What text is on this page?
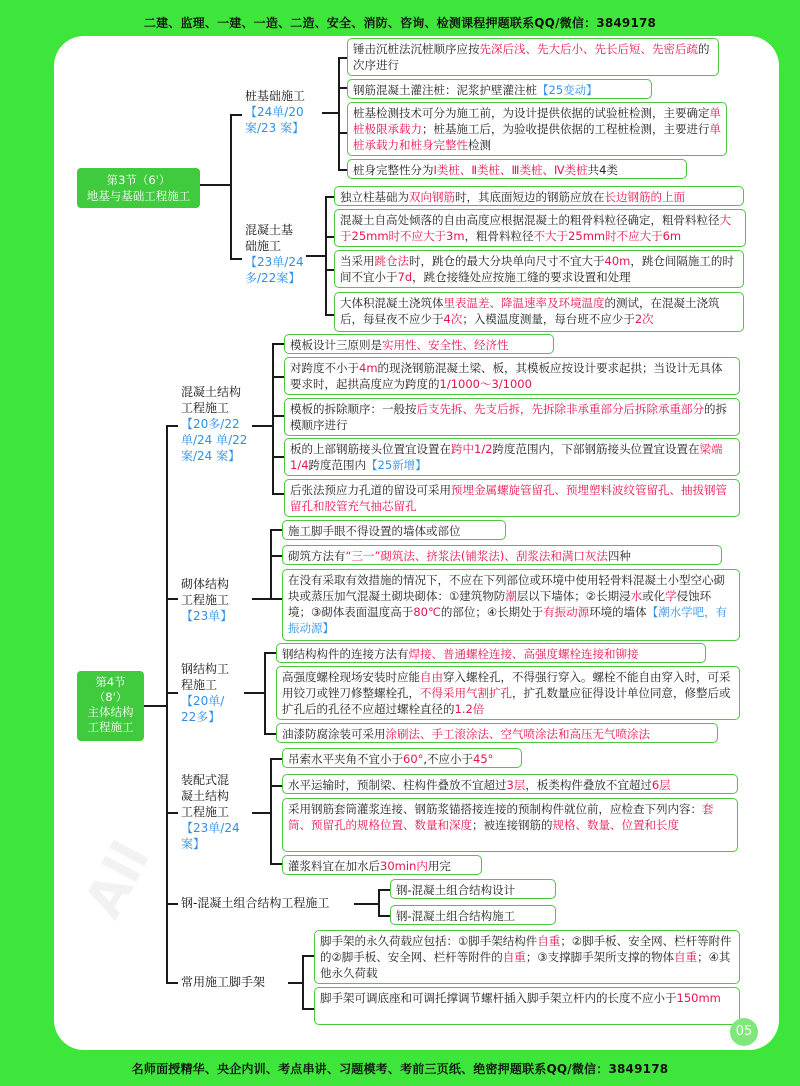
二建、监理、一建、一造、二造、安全、消防、咨询、检测课程押题联系QQ/微信：3849178
名师面授精华、央企内训、考点串讲、习题模考、考前三页纸、绝密押题联系QQ/微信：3849178
第3节（6'）
地基与基础工程施工
第4节
（8'）
主体结构
工程施工
桩基础施工
【24单/20
案/23 案】
混凝土基
础施工
【23单/24
多/22案】
混凝土结构
工程施工
【20多/22
单/24 单/22
案/24 案】
砌体结构
工程施工
【23单】
钢结构工
程施工
【20单/
22多】
装配式混
凝土结构
工程施工
【23单/24
案】
钢-混凝土组合结构工程施工
常用施工脚手架
锤击沉桩法沉桩顺序应按先深后浅、先大后小、先长后短、先密后疏的次序进行
钢筋混凝土灌注桩：泥浆护壁灌注桩【25变动】
桩基检测技术可分为施工前，为设计提供依据的试验桩检测，主要确定单桩极限承载力；桩基施工后，为验收提供依据的工程桩检测，主要进行单桩承载力和桩身完整性检测
桩身完整性分为Ⅰ类桩、Ⅱ类桩、Ⅲ类桩、Ⅳ类桩共4类
独立柱基础为双向钢筋时，其底面短边的钢筋应放在长边钢筋的上面
混凝土自高处倾落的自由高度应根据混凝土的粗骨料粒径确定，粗骨料粒径大于25mm时不应大于3m，粗骨料粒径不大于25mm时不应大于6m
当采用跳仓法时，跳仓的最大分块单向尺寸不宜大于40m，跳仓间隔施工的时间不宜小于7d，跳仓接缝处应按施工缝的要求设置和处理
大体积混凝土浇筑体里表温差、降温速率及环境温度的测试，在混凝土浇筑后，每昼夜不应少于4次；入模温度测量，每台班不应少于2次
模板设计三原则是实用性、安全性、经济性
对跨度不小于4m的现浇钢筋混凝土梁、板，其模板应按设计要求起拱；当设计无具体要求时，起拱高度应为跨度的1/1000～3/1000
模板的拆除顺序：一般按后支先拆、先支后拆，先拆除非承重部分后拆除承重部分的拆模顺序进行
板的上部钢筋接头位置宜设置在跨中1/2跨度范围内，下部钢筋接头位置宜设置在梁端1/4跨度范围内【25新增】
后张法预应力孔道的留设可采用预埋金属螺旋管留孔、预埋塑料波纹管留孔、抽拔钢管留孔和胶管充气抽芯留孔
施工脚手眼不得设置的墙体或部位
砌筑方法有“三一”砌筑法、挤浆法(铺浆法)、刮浆法和满口灰法四种
在没有采取有效措施的情况下，不应在下列部位或环境中使用轻骨料混凝土小型空心砌块或蒸压加气混凝土砌块砌体：①建筑物防潮层以下墙体；②长期浸水或化学侵蚀环境；③砌体表面温度高于80℃的部位；④长期处于有振动源环境的墙体【潮水学吧，有振动源】
钢结构构件的连接方法有焊接、普通螺栓连接、高强度螺栓连接和铆接
高强度螺栓现场安装时应能自由穿入螺栓孔，不得强行穿入。螺栓不能自由穿入时，可采用铰刀或锉刀修整螺栓孔，不得采用气割扩孔，扩孔数量应征得设计单位同意，修整后或扩孔后的孔径不应超过螺栓直径的1.2倍
油漆防腐涂装可采用涂刷法、手工滚涂法、空气喷涂法和高压无气喷涂法
吊索水平夹角不宜小于60°,不应小于45°
水平运输时，预制梁、柱构件叠放不宜超过3层，板类构件叠放不宜超过6层
采用钢筋套筒灌浆连接、钢筋浆锚搭接连接的预制构件就位前，应检查下列内容：套筒、预留孔的规格位置、数量和深度；被连接钢筋的规格、数量、位置和长度
灌浆料宜在加水后30min内用完
钢-混凝土组合结构设计
钢-混凝土组合结构施工
脚手架的永久荷载应包括：①脚手架结构件自重；②脚手板、安全网、栏杆等附件的②脚手板、安全网、栏杆等附件的自重；③支撑脚手架所支撑的物体自重；④其他永久荷载
脚手架可调底座和可调托撑调节螺杆插入脚手架立杆内的长度不应小于150mm
All
05
